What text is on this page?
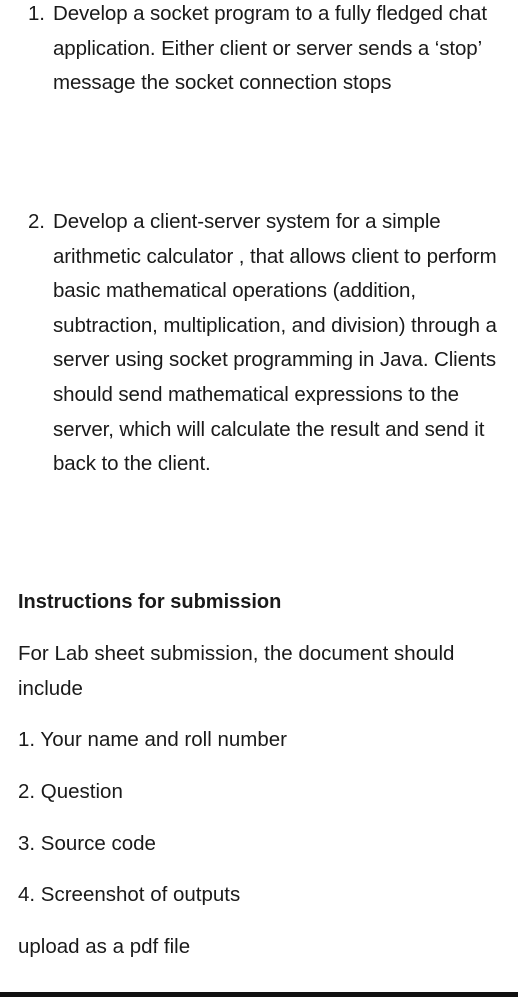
1. Develop a socket program to a fully fledged chat application. Either client or server sends a ‘stop’ message the socket connection stops
2. Develop a client-server system for a simple arithmetic calculator , that allows client to perform basic mathematical operations (addition, subtraction, multiplication, and division) through a server using socket programming in Java. Clients should send mathematical expressions to the server, which will calculate the result and send it back to the client.
Instructions for submission
For Lab sheet submission, the document should include
1. Your name and roll number
2. Question
3. Source code
4. Screenshot of outputs
upload as a pdf file
